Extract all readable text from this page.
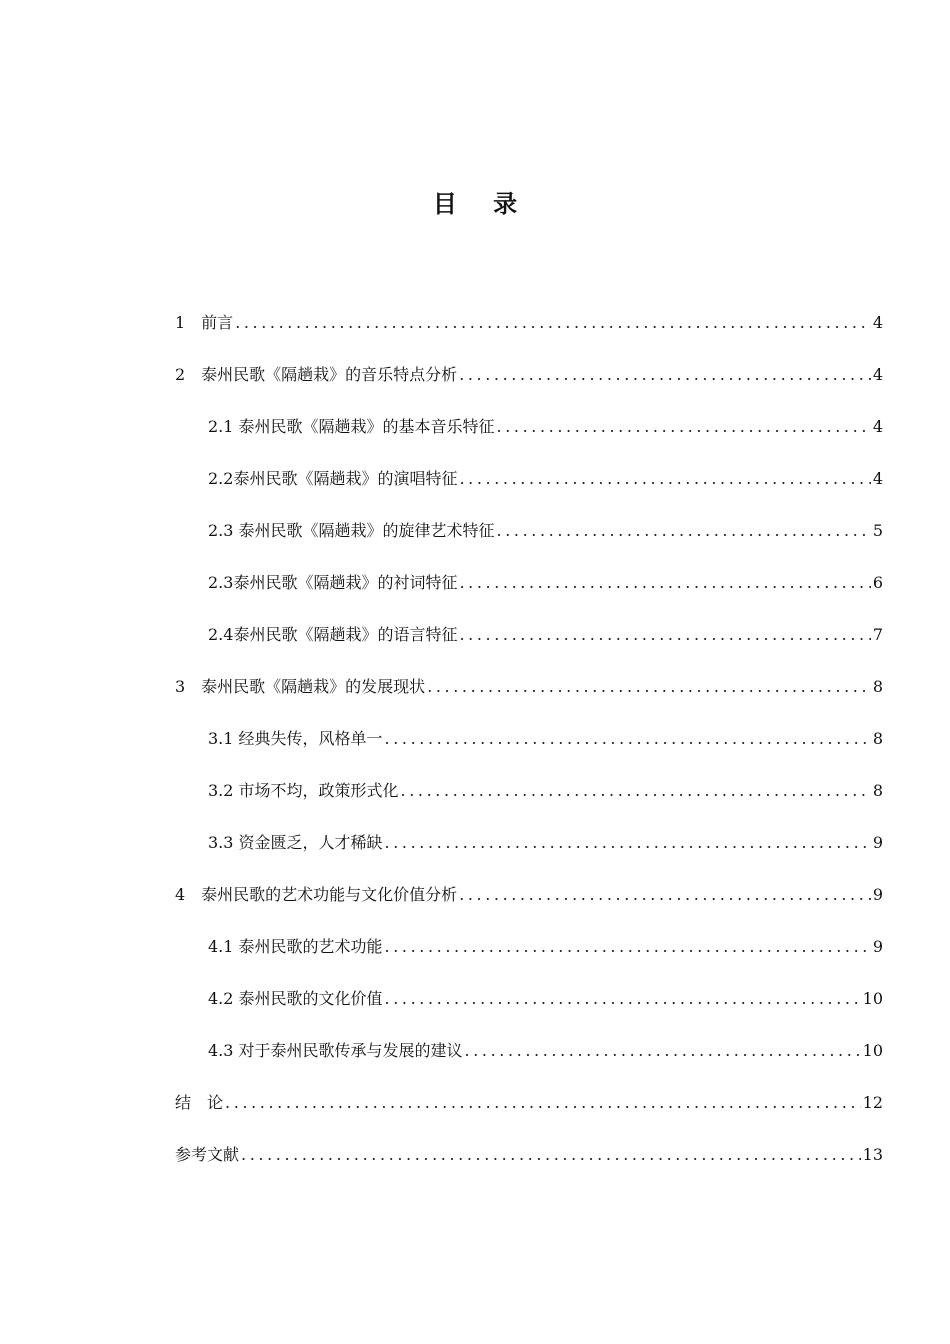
目 录
1　前言 .....	4
2　泰州民歌《隔趟栽》的音乐特点分析 .....	4
2.1 泰州民歌《隔趟栽》的基本音乐特征 .....	4
2.2泰州民歌《隔趟栽》的演唱特征 .....	4
2.3 泰州民歌《隔趟栽》的旋律艺术特征 .....	5
2.3泰州民歌《隔趟栽》的衬词特征 .....	6
2.4泰州民歌《隔趟栽》的语言特征 .....	7
3　泰州民歌《隔趟栽》的发展现状 .....	8
3.1 经典失传，风格单一 .....	8
3.2 市场不均，政策形式化 .....	8
3.3 资金匮乏，人才稀缺 .....	9
4　泰州民歌的艺术功能与文化价值分析 .....	9
4.1 泰州民歌的艺术功能 .....	9
4.2 泰州民歌的文化价值 .....	10
4.3 对于泰州民歌传承与发展的建议 .....	10
结　论 .....	12
参考文献 .....	13
